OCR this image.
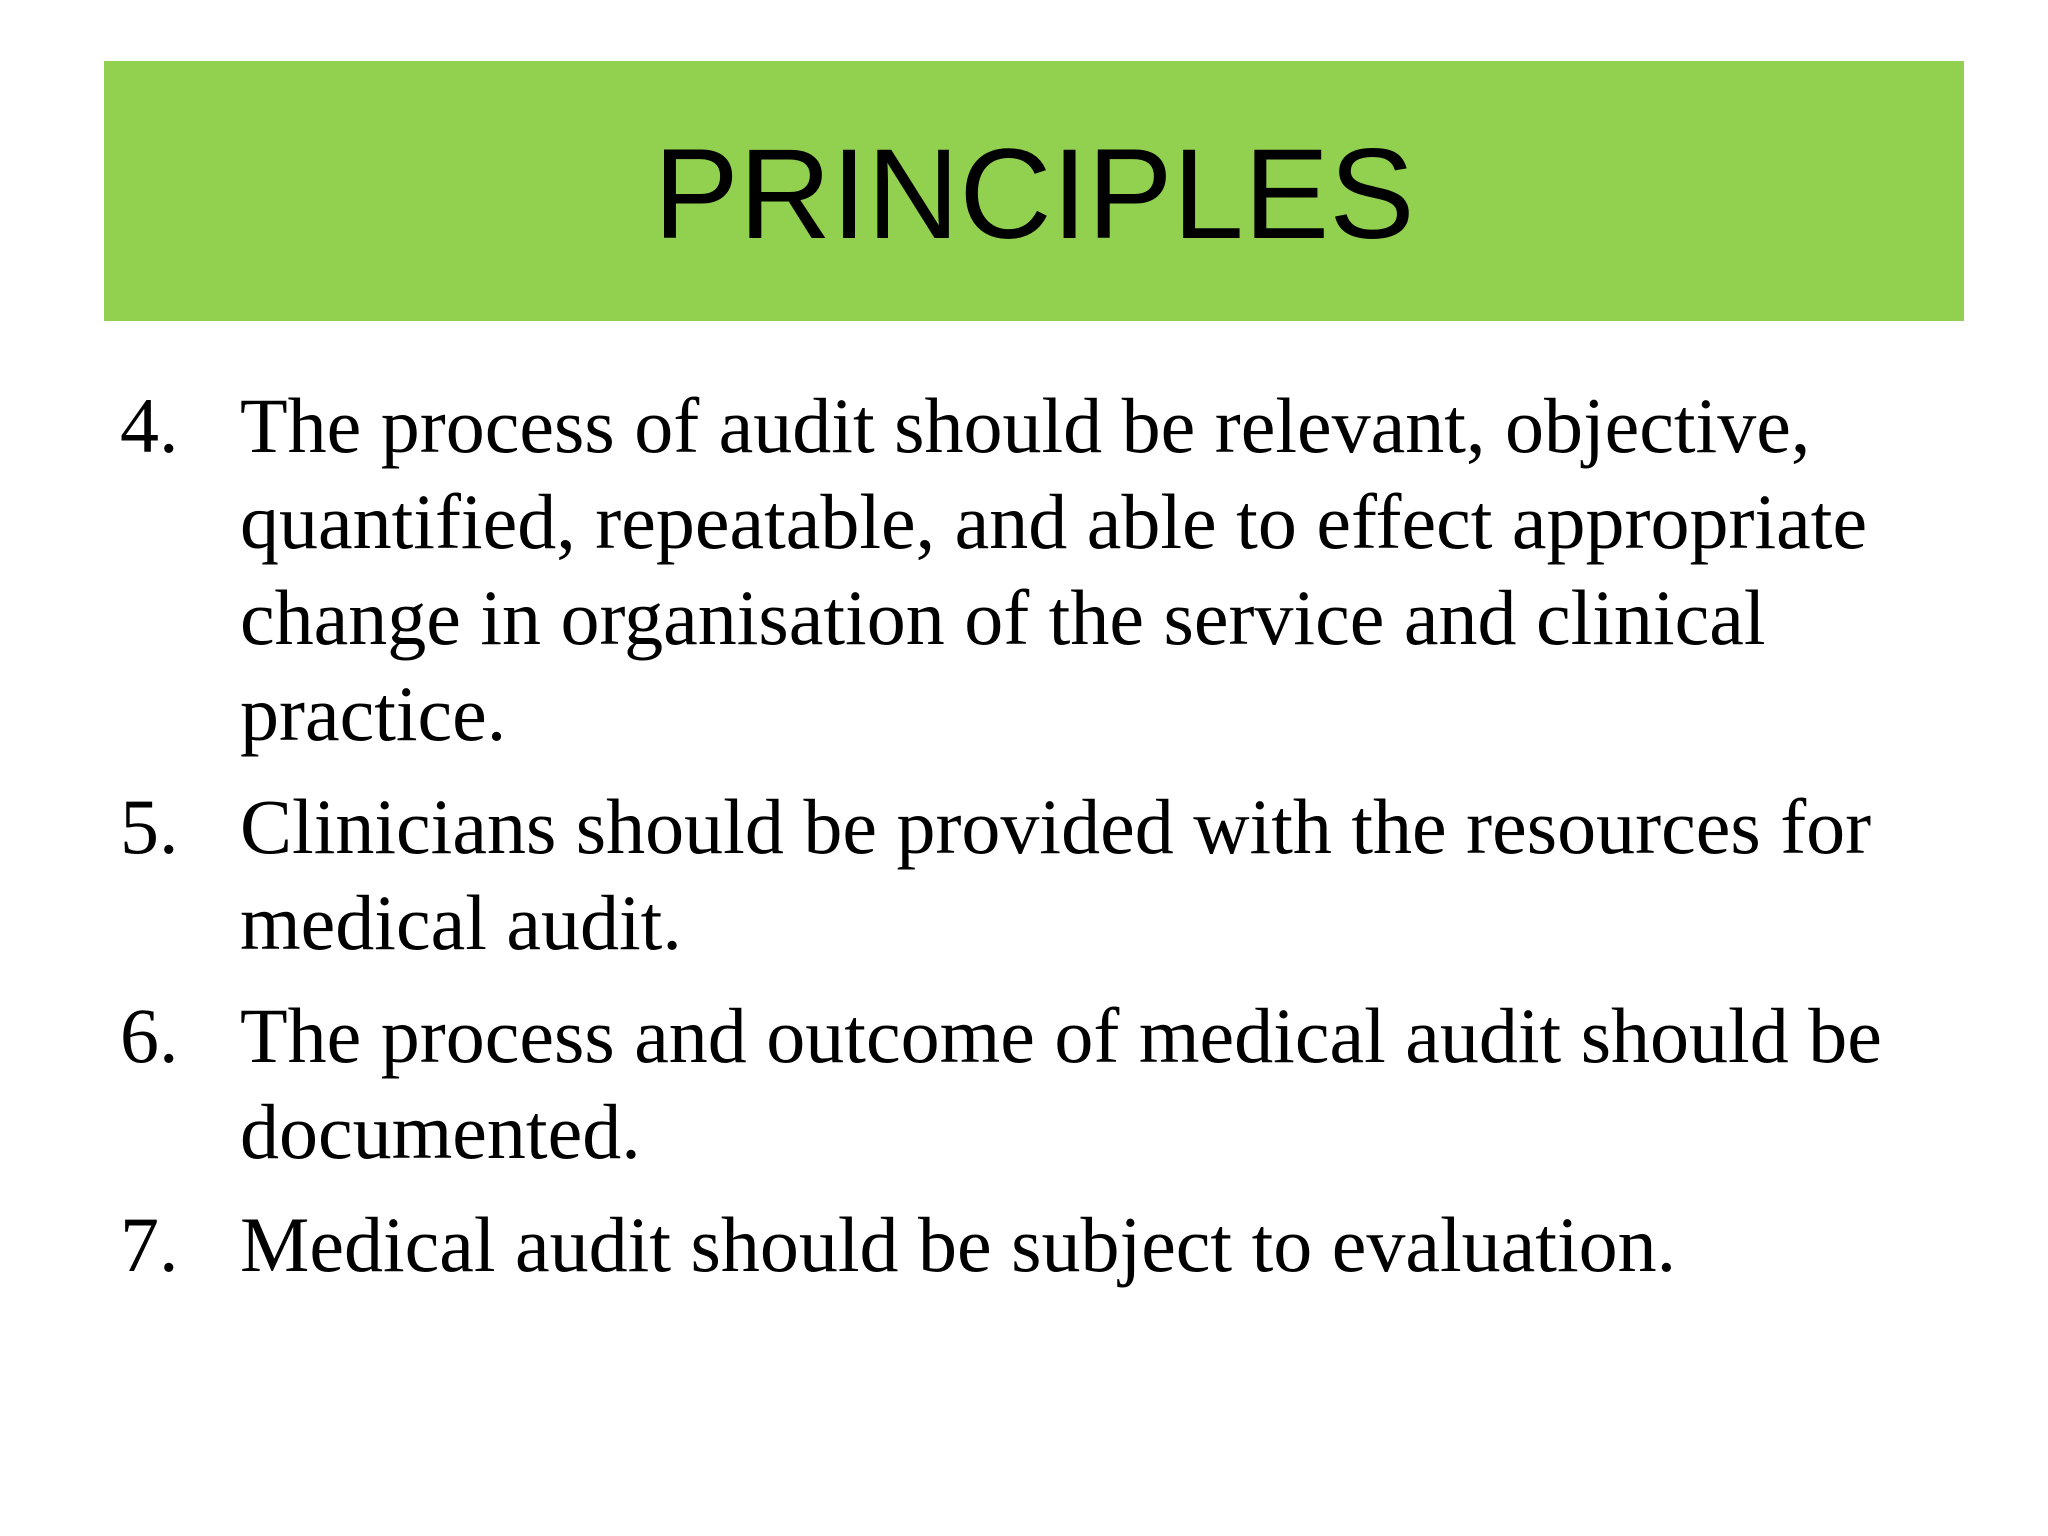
PRINCIPLES
4. The process of audit should be relevant, objective, quantified, repeatable, and able to effect appropriate change in organisation of the service and clinical practice.
5. Clinicians should be provided with the resources for medical audit.
6. The process and outcome of medical audit should be documented.
7. Medical audit should be subject to evaluation.
